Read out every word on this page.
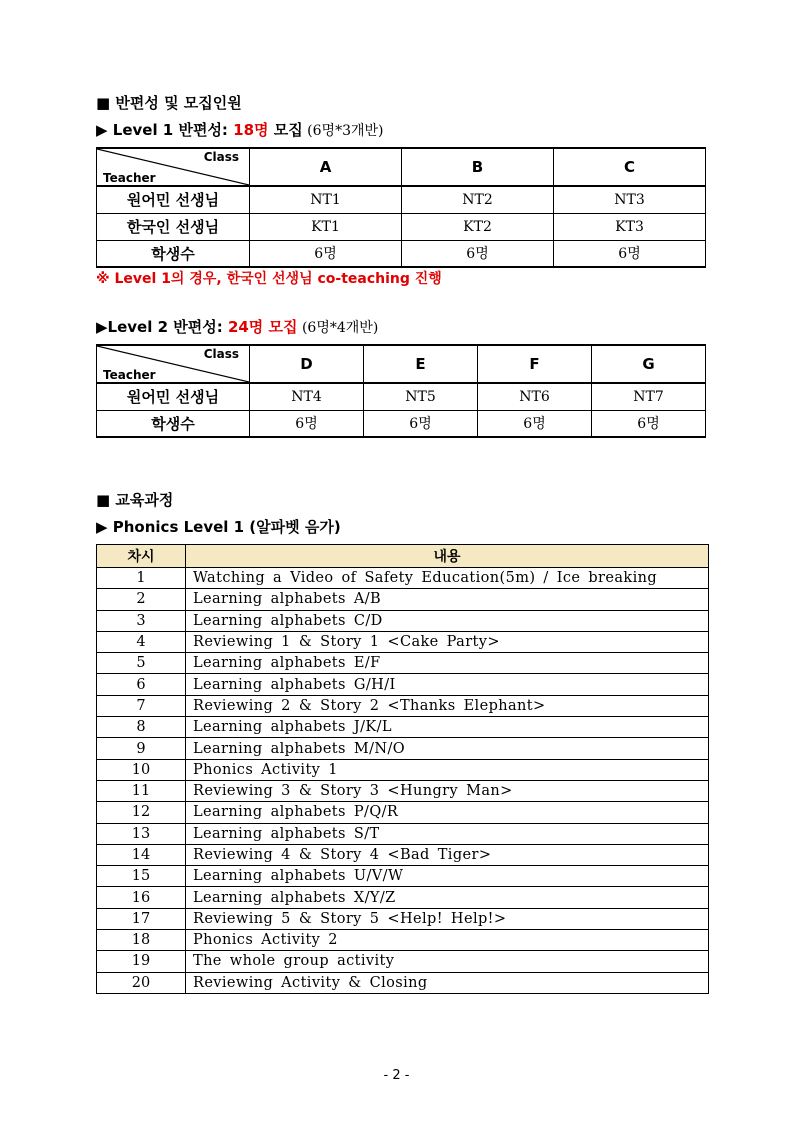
■ 반편성 및 모집인원
▶ Level 1 반편성: 18명 모집 (6명*3개반)
Class
Teacher	A	B	C
원어민 선생님	NT1	NT2	NT3
한국인 선생님	KT1	KT2	KT3
학생수	6명	6명	6명
※ Level 1의 경우, 한국인 선생님 co-teaching 진행
▶Level 2 반편성: 24명 모집 (6명*4개반)
Class
Teacher	D	E	F	G
원어민 선생님	NT4	NT5	NT6	NT7
학생수	6명	6명	6명	6명
■ 교육과정
▶ Phonics Level 1 (알파벳 음가)
차시	내용
1	Watching a Video of Safety Education(5m) / Ice breaking
2	Learning alphabets A/B
3	Learning alphabets C/D
4	Reviewing 1 & Story 1 <Cake Party>
5	Learning alphabets E/F
6	Learning alphabets G/H/I
7	Reviewing 2 & Story 2 <Thanks Elephant>
8	Learning alphabets J/K/L
9	Learning alphabets M/N/O
10	Phonics Activity 1
11	Reviewing 3 & Story 3 <Hungry Man>
12	Learning alphabets P/Q/R
13	Learning alphabets S/T
14	Reviewing 4 & Story 4 <Bad Tiger>
15	Learning alphabets U/V/W
16	Learning alphabets X/Y/Z
17	Reviewing 5 & Story 5 <Help! Help!>
18	Phonics Activity 2
19	The whole group activity
20	Reviewing Activity & Closing
- 2 -
